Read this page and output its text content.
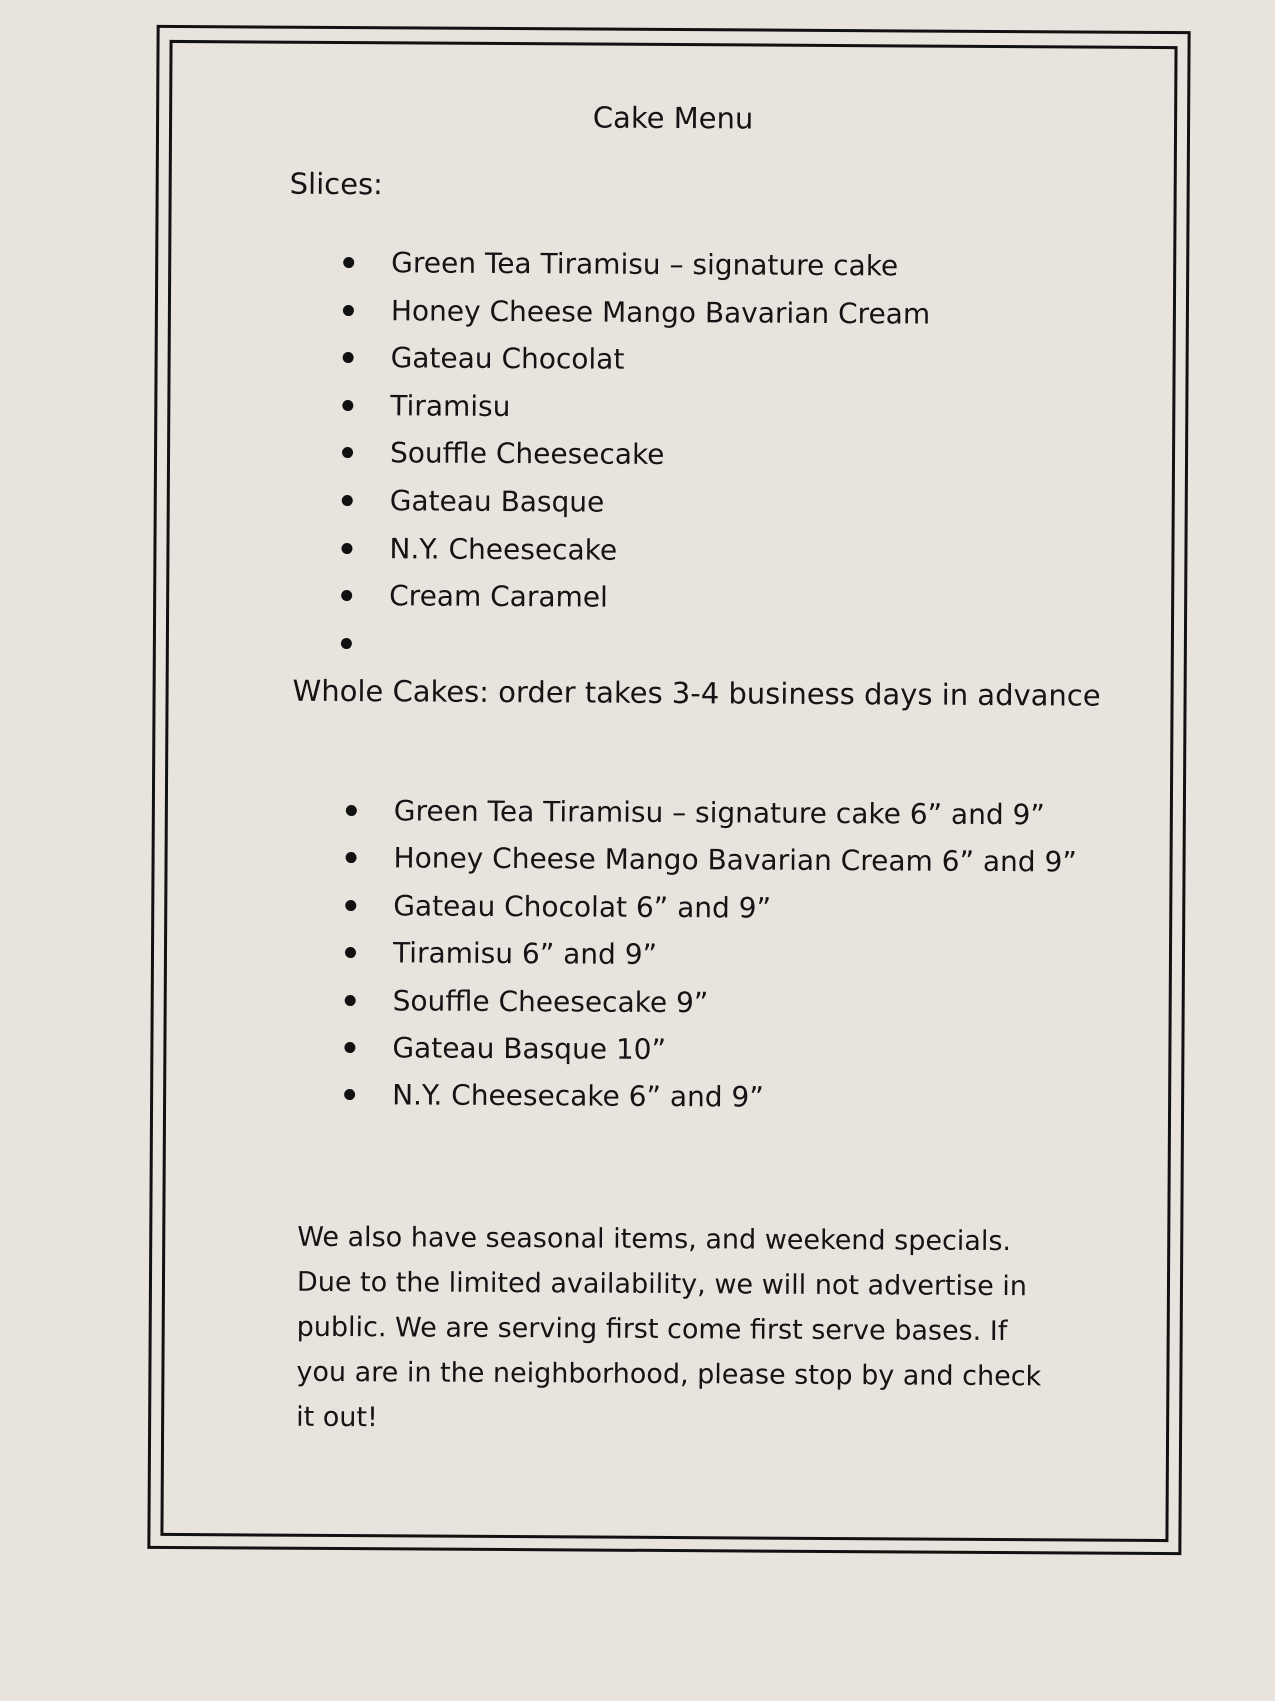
Cake Menu
Slices:
Green Tea Tiramisu – signature cake
Honey Cheese Mango Bavarian Cream
Gateau Chocolat
Tiramisu
Souffle Cheesecake
Gateau Basque
N.Y. Cheesecake
Cream Caramel
Whole Cakes: order takes 3-4 business days in advance
Green Tea Tiramisu – signature cake 6” and 9”
Honey Cheese Mango Bavarian Cream 6” and 9”
Gateau Chocolat 6” and 9”
Tiramisu 6” and 9”
Souffle Cheesecake 9”
Gateau Basque 10”
N.Y. Cheesecake 6” and 9”

We also have seasonal items, and weekend specials. Due to the limited availability, we will not advertise in public. We are serving first come first serve bases. If you are in the neighborhood, please stop by and check it out!
